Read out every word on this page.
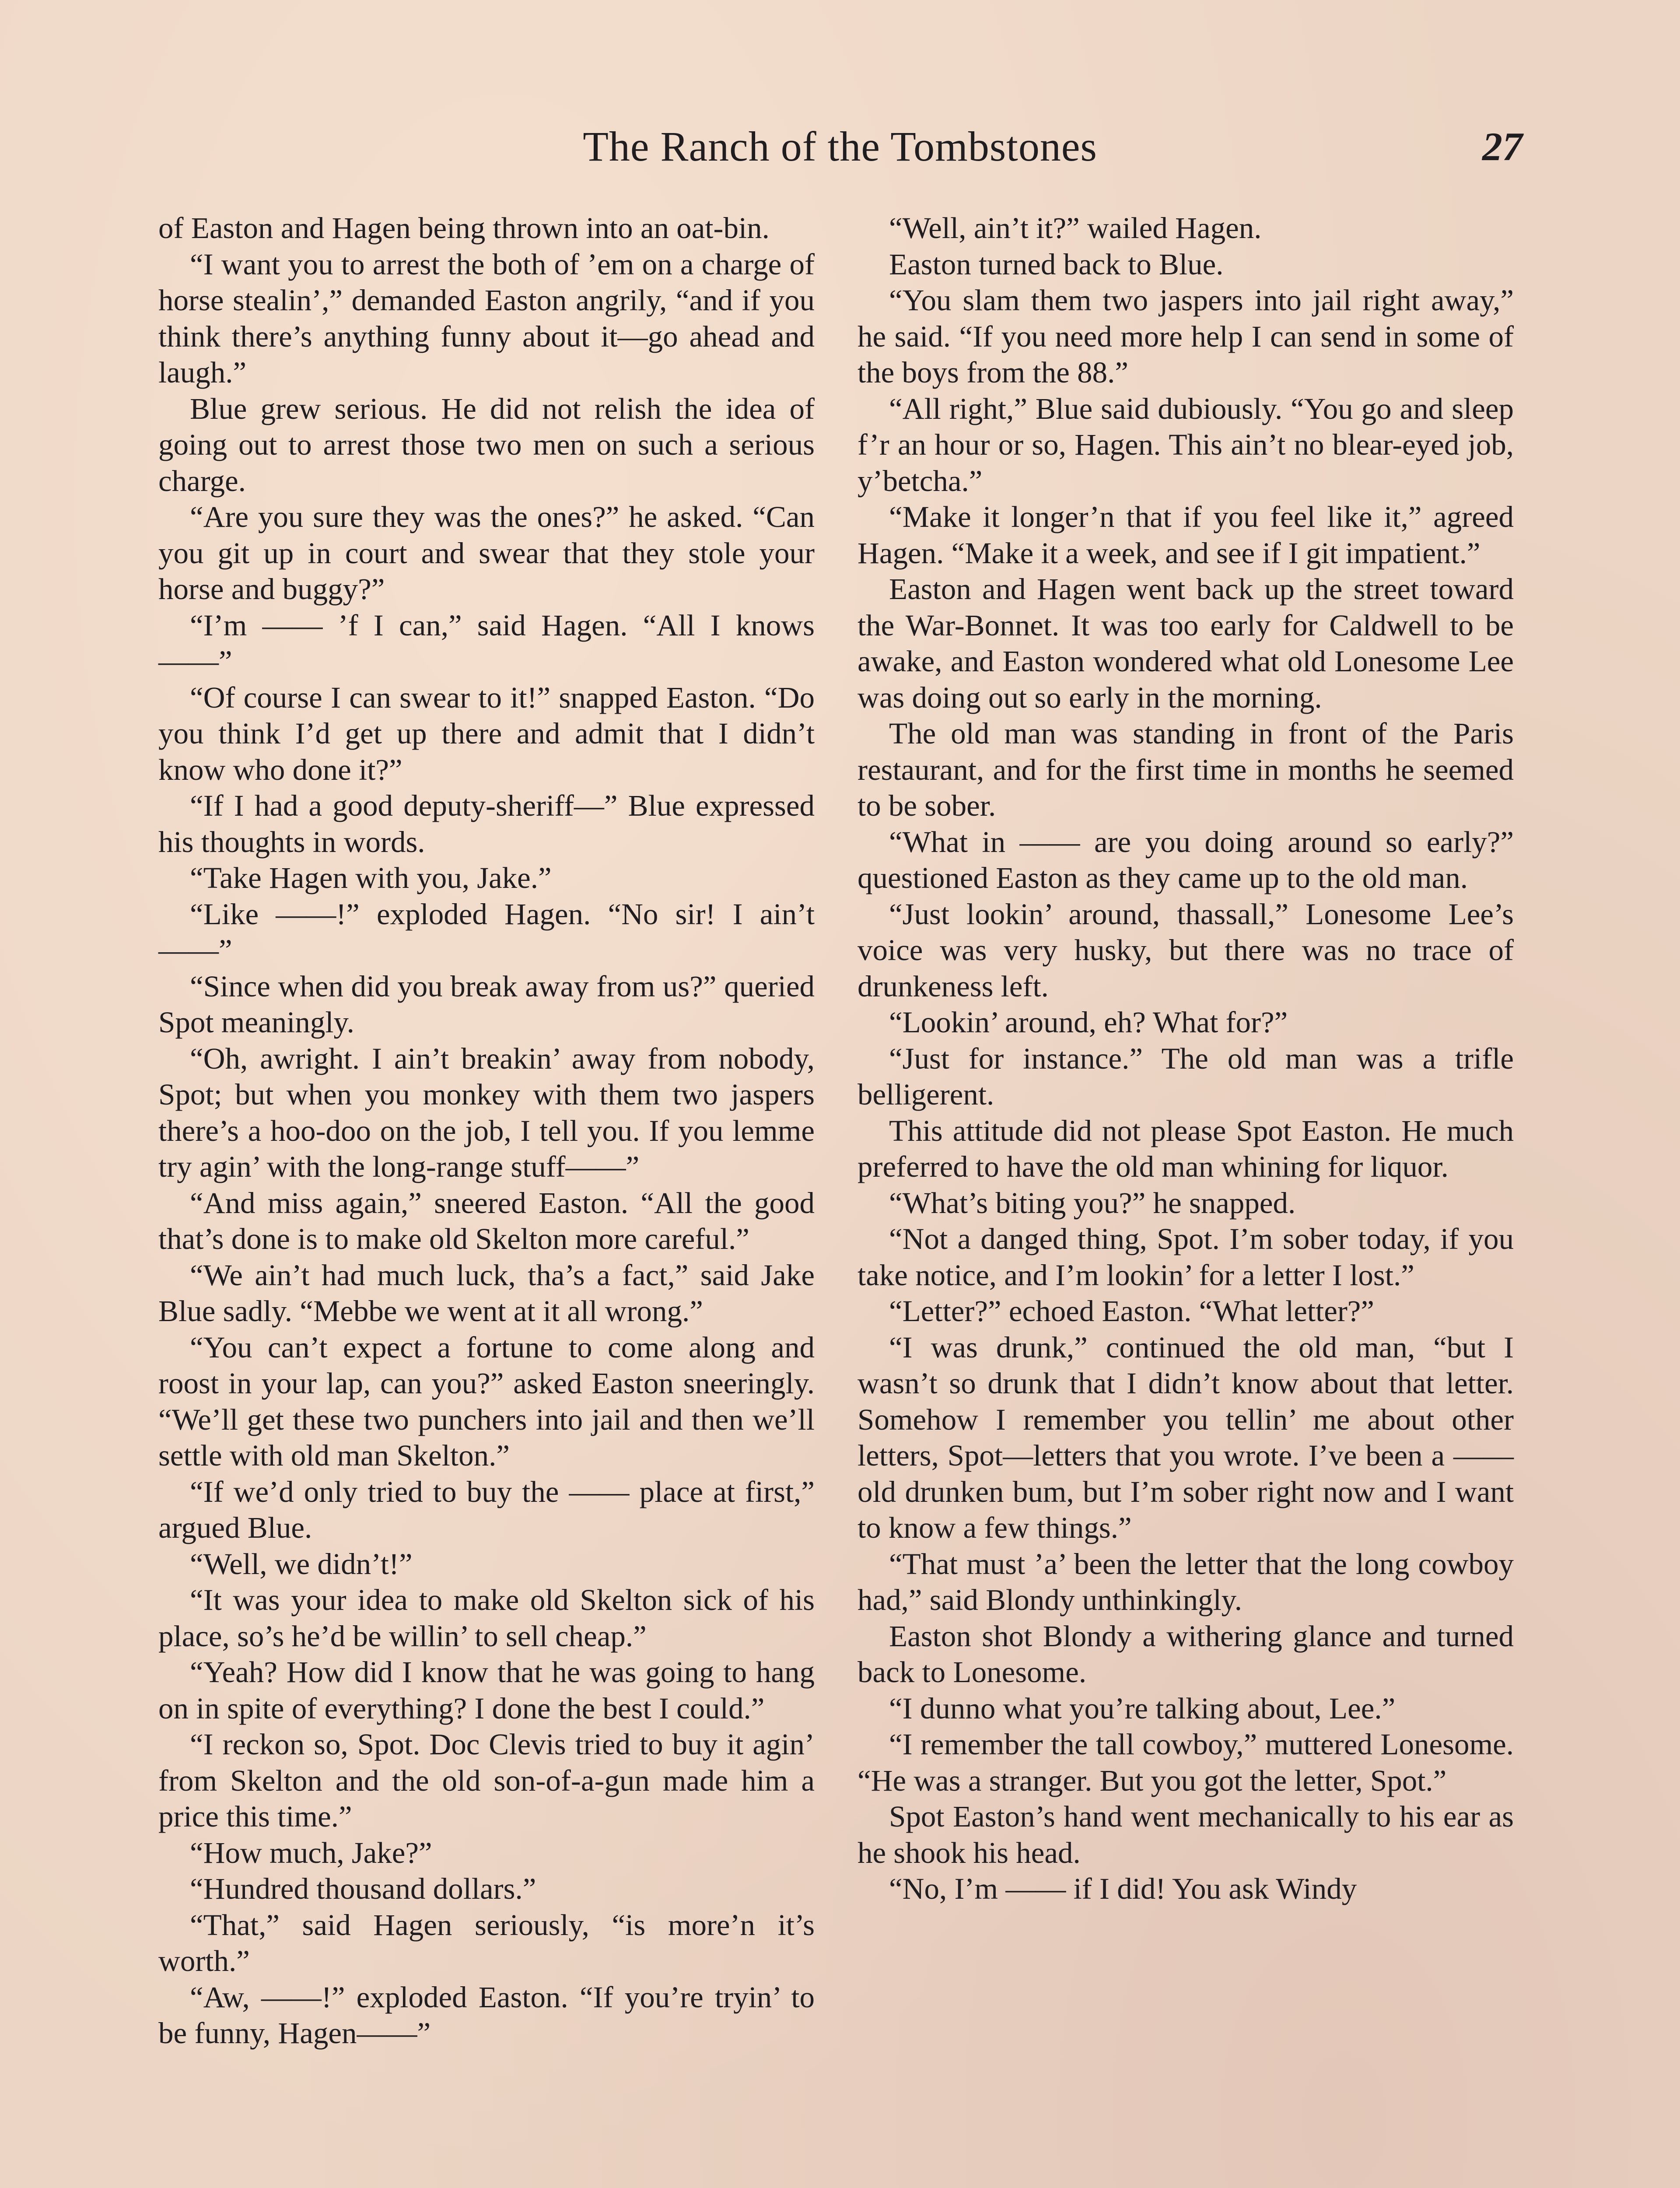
The Ranch of the Tombstones	27

of Easton and Hagen being thrown into an oat-bin.

“I want you to arrest the both of ’em on a charge of horse stealin’,” demanded Easton angrily, “and if you think there’s anything funny about it—go ahead and laugh.”

Blue grew serious. He did not relish the idea of going out to arrest those two men on such a serious charge.

“Are you sure they was the ones?” he asked. “Can you git up in court and swear that they stole your horse and buggy?”

“I’m —— ’f I can,” said Hagen. “All I knows——”

“Of course I can swear to it!” snapped Easton. “Do you think I’d get up there and admit that I didn’t know who done it?”

“If I had a good deputy-sheriff—” Blue expressed his thoughts in words.

“Take Hagen with you, Jake.”

“Like ——!” exploded Hagen. “No sir! I ain’t——”

“Since when did you break away from us?” queried Spot meaningly.

“Oh, awright. I ain’t breakin’ away from nobody, Spot; but when you monkey with them two jaspers there’s a hoo-doo on the job, I tell you. If you lemme try agin’ with the long-range stuff——”

“And miss again,” sneered Easton. “All the good that’s done is to make old Skelton more careful.”

“We ain’t had much luck, tha’s a fact,” said Jake Blue sadly. “Mebbe we went at it all wrong.”

“You can’t expect a fortune to come along and roost in your lap, can you?” asked Easton sneeringly. “We’ll get these two punchers into jail and then we’ll settle with old man Skelton.”

“If we’d only tried to buy the —— place at first,” argued Blue.

“Well, we didn’t!”

“It was your idea to make old Skelton sick of his place, so’s he’d be willin’ to sell cheap.”

“Yeah? How did I know that he was going to hang on in spite of everything? I done the best I could.”

“I reckon so, Spot. Doc Clevis tried to buy it agin’ from Skelton and the old son-of-a-gun made him a price this time.”

“How much, Jake?”

“Hundred thousand dollars.”

“That,” said Hagen seriously, “is more’n it’s worth.”

“Aw, ——!” exploded Easton. “If you’re tryin’ to be funny, Hagen——”

“Well, ain’t it?” wailed Hagen.

Easton turned back to Blue.

“You slam them two jaspers into jail right away,” he said. “If you need more help I can send in some of the boys from the 88.”

“All right,” Blue said dubiously. “You go and sleep f’r an hour or so, Hagen. This ain’t no blear-eyed job, y’betcha.”

“Make it longer’n that if you feel like it,” agreed Hagen. “Make it a week, and see if I git impatient.”

Easton and Hagen went back up the street toward the War-Bonnet. It was too early for Caldwell to be awake, and Easton wondered what old Lonesome Lee was doing out so early in the morning.

The old man was standing in front of the Paris restaurant, and for the first time in months he seemed to be sober.

“What in —— are you doing around so early?” questioned Easton as they came up to the old man.

“Just lookin’ around, thassall,” Lonesome Lee’s voice was very husky, but there was no trace of drunkeness left.

“Lookin’ around, eh? What for?”

“Just for instance.” The old man was a trifle belligerent.

This attitude did not please Spot Easton. He much preferred to have the old man whining for liquor.

“What’s biting you?” he snapped.

“Not a danged thing, Spot. I’m sober today, if you take notice, and I’m lookin’ for a letter I lost.”

“Letter?” echoed Easton. “What letter?”

“I was drunk,” continued the old man, “but I wasn’t so drunk that I didn’t know about that letter. Somehow I remember you tellin’ me about other letters, Spot—letters that you wrote. I’ve been a —— old drunken bum, but I’m sober right now and I want to know a few things.”

“That must ’a’ been the letter that the long cowboy had,” said Blondy unthinkingly.

Easton shot Blondy a withering glance and turned back to Lonesome.

“I dunno what you’re talking about, Lee.”

“I remember the tall cowboy,” muttered Lonesome. “He was a stranger. But you got the letter, Spot.”

Spot Easton’s hand went mechanically to his ear as he shook his head.

“No, I’m —— if I did! You ask Windy
